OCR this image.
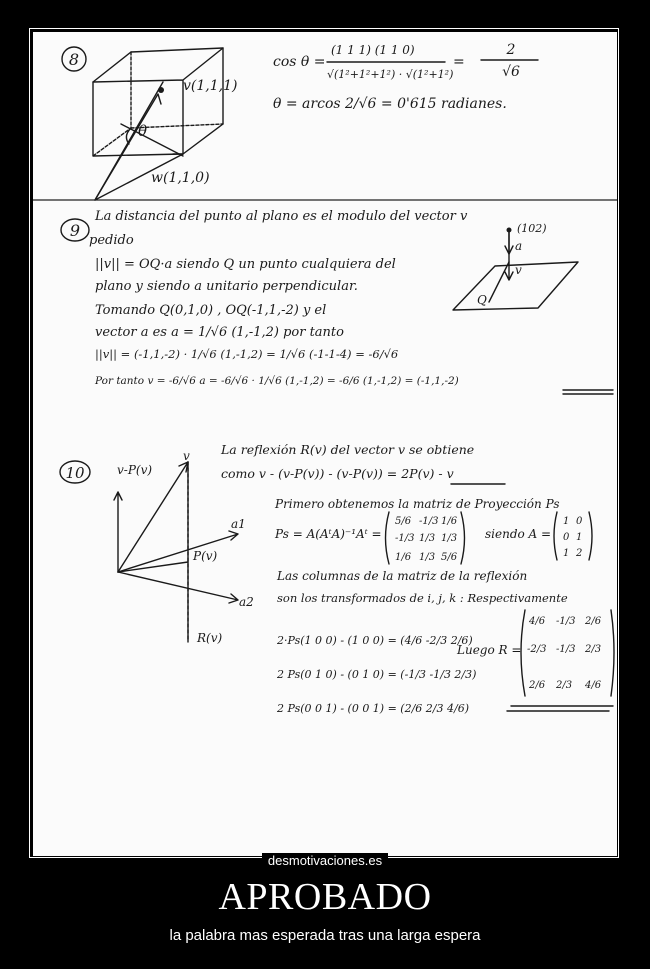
8
θ
v(1,1,1)
w(1,1,0)
cos θ =
(1 1 1) (1 1 0)
√(1²+1²+1²) · √(1²+1²)
=
2
√6
θ = arcos 2/√6 = 0'615 radianes.
9
La distancia del punto al plano es el modulo del vector v
pedido
||v|| = OQ·a siendo Q un punto cualquiera del
plano y siendo a unitario perpendicular.
Tomando Q(0,1,0) , OQ(-1,1,-2) y el
vector a es a = 1/√6 (1,-1,2) por tanto
||v|| = (-1,1,-2) · 1/√6 (1,-1,2) = 1/√6 (-1-1-4) = -6/√6
Por tanto v = -6/√6 a = -6/√6 · 1/√6 (1,-1,2) = -6/6 (1,-1,2) = (-1,1,-2)
(102)
a
v
Q
10	v-P(v)
v
a1
P(v)
a2
R(v)
La reflexión R(v) del vector v se obtiene
como v - (v-P(v)) - (v-P(v)) = 2P(v) - v
Primero obtenemos la matriz de Proyección Ps
Ps = A(AᵗA)⁻¹Aᵗ =
5/6 -1/3 1/6
-1/3 1/3 1/3
1/6 1/3 5/6
siendo A =
1 0
0 1
1 2
Las columnas de la matriz de la reflexión
son los transformados de i, j, k : Respectivamente
2·Ps(1 0 0) - (1 0 0) = (4/6 -2/3 2/6)
2 Ps(0 1 0) - (0 1 0) = (-1/3 -1/3 2/3)
2 Ps(0 0 1) - (0 0 1) = (2/6 2/3 4/6)
Luego R =
4/6 -1/3 2/6
-2/3 -1/3 2/3
2/6 2/3 4/6
desmotivaciones.es
APROBADO
la palabra mas esperada tras una larga espera
